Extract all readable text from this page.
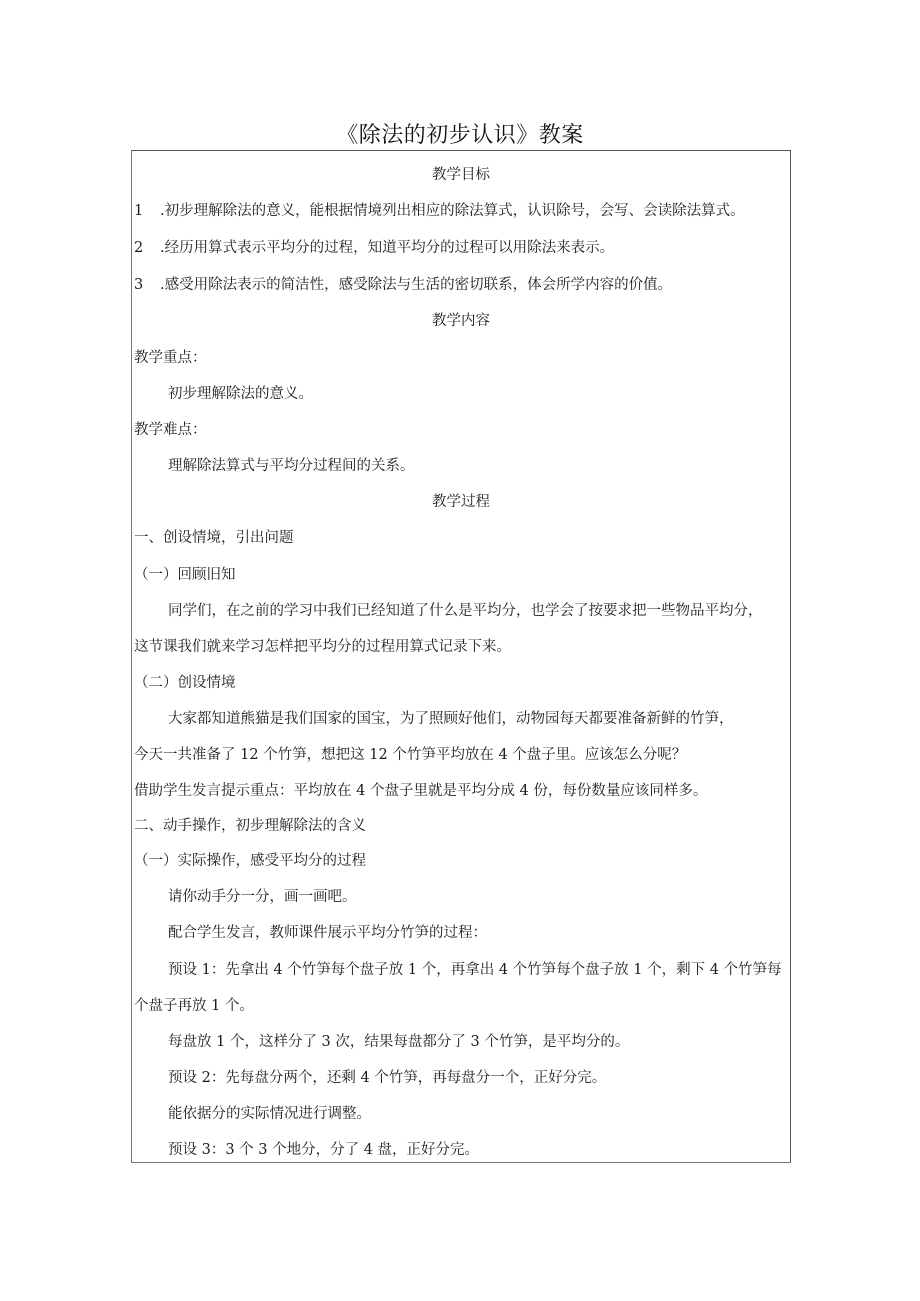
《除法的初步认识》教案
教学目标
1 .初步理解除法的意义，能根据情境列出相应的除法算式，认识除号，会写、会读除法算式。
2 .经历用算式表示平均分的过程，知道平均分的过程可以用除法来表示。
3 .感受用除法表示的简洁性，感受除法与生活的密切联系，体会所学内容的价值。
教学内容
教学重点：
初步理解除法的意义。
教学难点：
理解除法算式与平均分过程间的关系。
教学过程
一、创设情境，引出问题
（一）回顾旧知
同学们，在之前的学习中我们已经知道了什么是平均分，也学会了按要求把一些物品平均分，
这节课我们就来学习怎样把平均分的过程用算式记录下来。
（二）创设情境
大家都知道熊猫是我们国家的国宝，为了照顾好他们，动物园每天都要准备新鲜的竹笋，
今天一共准备了 12 个竹笋，想把这 12 个竹笋平均放在 4 个盘子里。应该怎么分呢？
借助学生发言提示重点：平均放在 4 个盘子里就是平均分成 4 份，每份数量应该同样多。
二、动手操作，初步理解除法的含义
（一）实际操作，感受平均分的过程
请你动手分一分，画一画吧。
配合学生发言，教师课件展示平均分竹笋的过程：
预设 1：先拿出 4 个竹笋每个盘子放 1 个，再拿出 4 个竹笋每个盘子放 1 个，剩下 4 个竹笋每
个盘子再放 1 个。
每盘放 1 个，这样分了 3 次，结果每盘都分了 3 个竹笋，是平均分的。
预设 2：先每盘分两个，还剩 4 个竹笋，再每盘分一个，正好分完。
能依据分的实际情况进行调整。
预设 3：3 个 3 个地分，分了 4 盘，正好分完。
